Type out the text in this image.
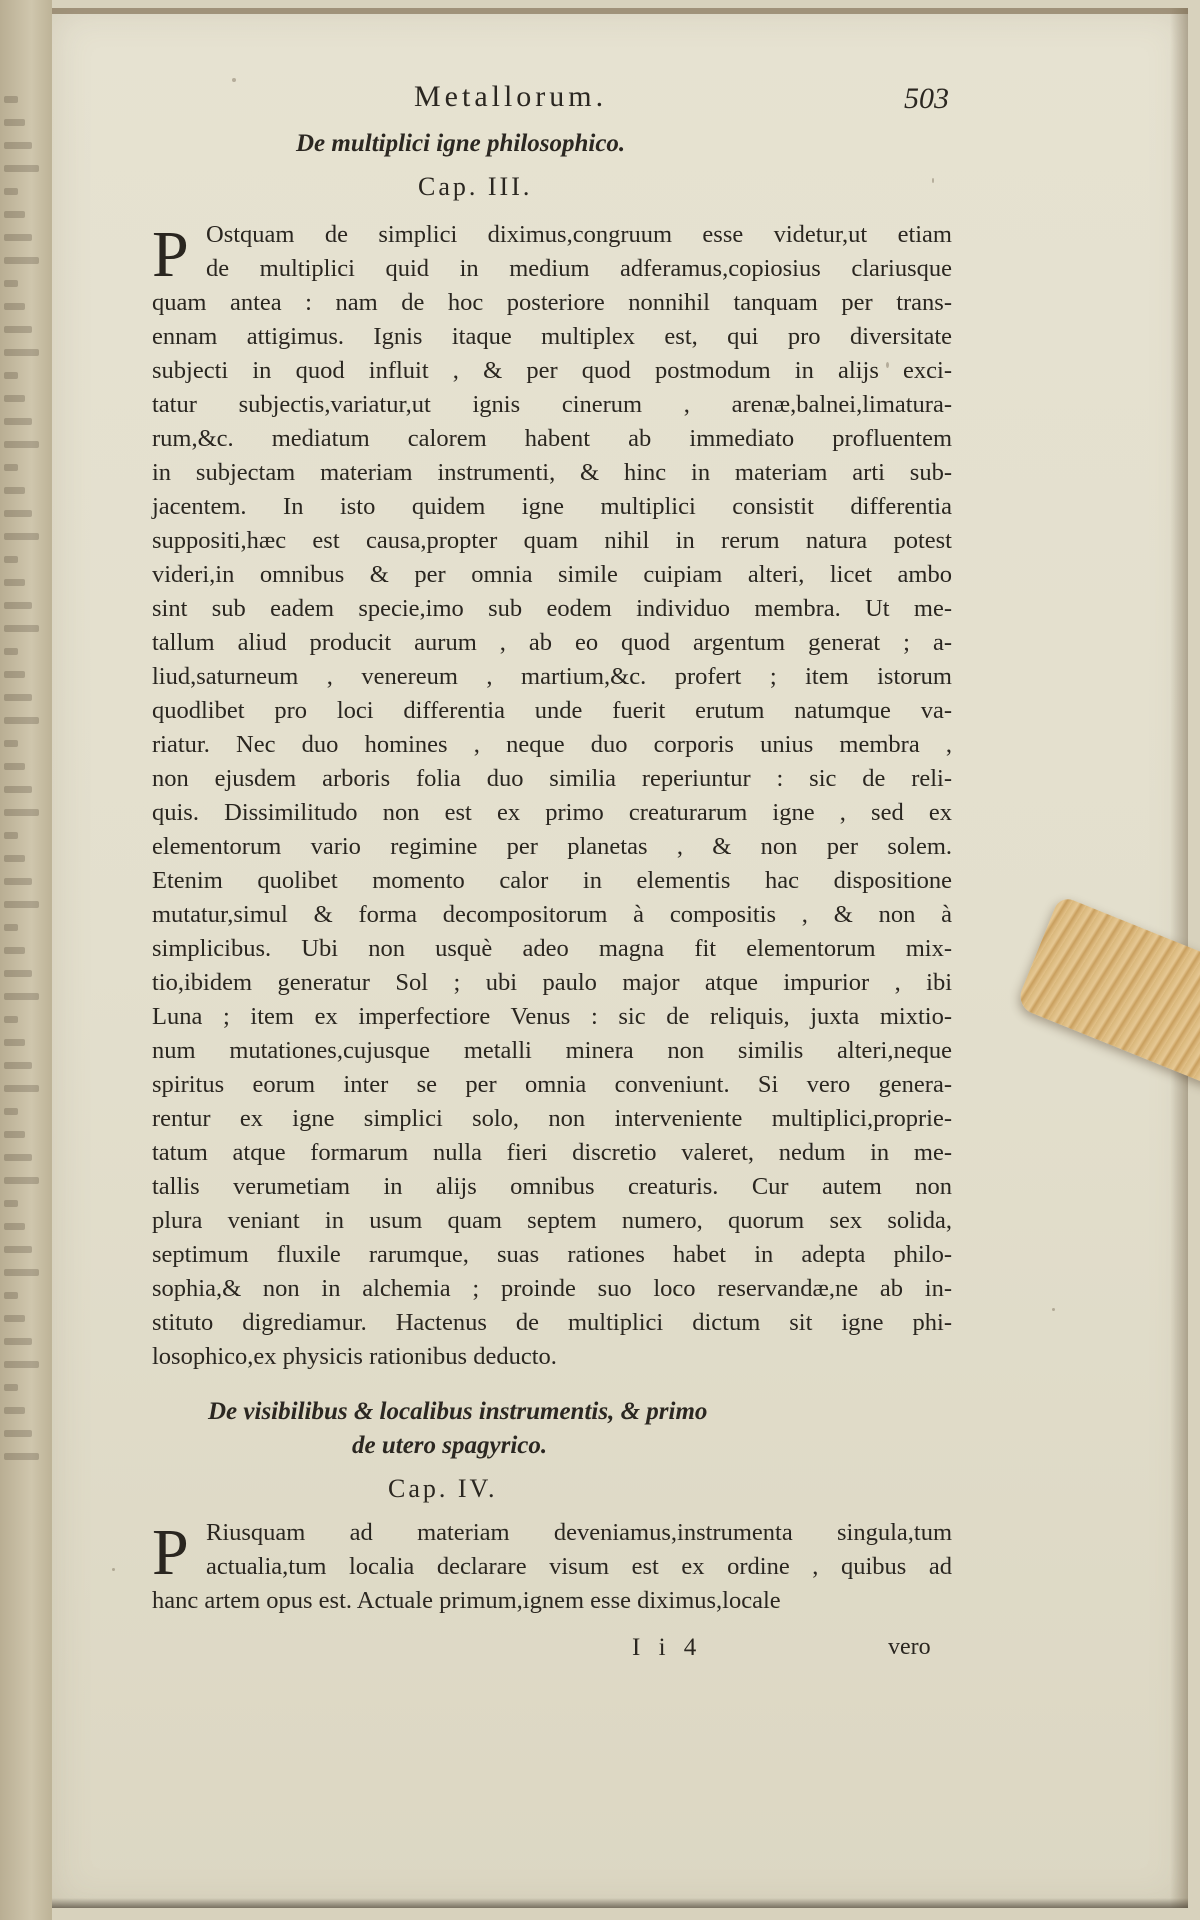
Metallorum.	503
De multiplici igne philosophico.
Cap. III.
P Ostquam de simplici diximus,congruum esse videtur,ut etiam
de multiplici quid in medium adferamus,copiosius clariusque
quam antea : nam de hoc posteriore nonnihil tanquam per trans-
ennam attigimus. Ignis itaque multiplex est, qui pro diversitate
subjecti in quod influit , & per quod postmodum in alijs exci-
tatur subjectis,variatur,ut ignis cinerum , arenæ,balnei,limatura-
rum,&c. mediatum calorem habent ab immediato profluentem
in subjectam materiam instrumenti, & hinc in materiam arti sub-
jacentem. In isto quidem igne multiplici consistit differentia
suppositi,hæc est causa,propter quam nihil in rerum natura potest
videri,in omnibus & per omnia simile cuipiam alteri, licet ambo
sint sub eadem specie,imo sub eodem individuo membra. Ut me-
tallum aliud producit aurum , ab eo quod argentum generat ; a-
liud,saturneum , venereum , martium,&c. profert ; item istorum
quodlibet pro loci differentia unde fuerit erutum natumque va-
riatur. Nec duo homines , neque duo corporis unius membra ,
non ejusdem arboris folia duo similia reperiuntur : sic de reli-
quis. Dissimilitudo non est ex primo creaturarum igne , sed ex
elementorum vario regimine per planetas , & non per solem.
Etenim quolibet momento calor in elementis hac dispositione
mutatur,simul & forma decompositorum à compositis , & non à
simplicibus. Ubi non usquè adeo magna fit elementorum mix-
tio,ibidem generatur Sol ; ubi paulo major atque impurior , ibi
Luna ; item ex imperfectiore Venus : sic de reliquis, juxta mixtio-
num mutationes,cujusque metalli minera non similis alteri,neque
spiritus eorum inter se per omnia conveniunt. Si vero genera-
rentur ex igne simplici solo, non interveniente multiplici,proprie-
tatum atque formarum nulla fieri discretio valeret, nedum in me-
tallis verumetiam in alijs omnibus creaturis. Cur autem non
plura veniant in usum quam septem numero, quorum sex solida,
septimum fluxile rarumque, suas rationes habet in adepta philo-
sophia,& non in alchemia ; proinde suo loco reservandæ,ne ab in-
stituto digrediamur. Hactenus de multiplici dictum sit igne phi-
losophico,ex physicis rationibus deducto.
De visibilibus & localibus instrumentis, & primo
de utero spagyrico.
Cap. IV.
P Riusquam ad materiam deveniamus,instrumenta singula,tum
actualia,tum localia declarare visum est ex ordine , quibus ad
hanc artem opus est. Actuale primum,ignem esse diximus,locale
I i 4	vero
